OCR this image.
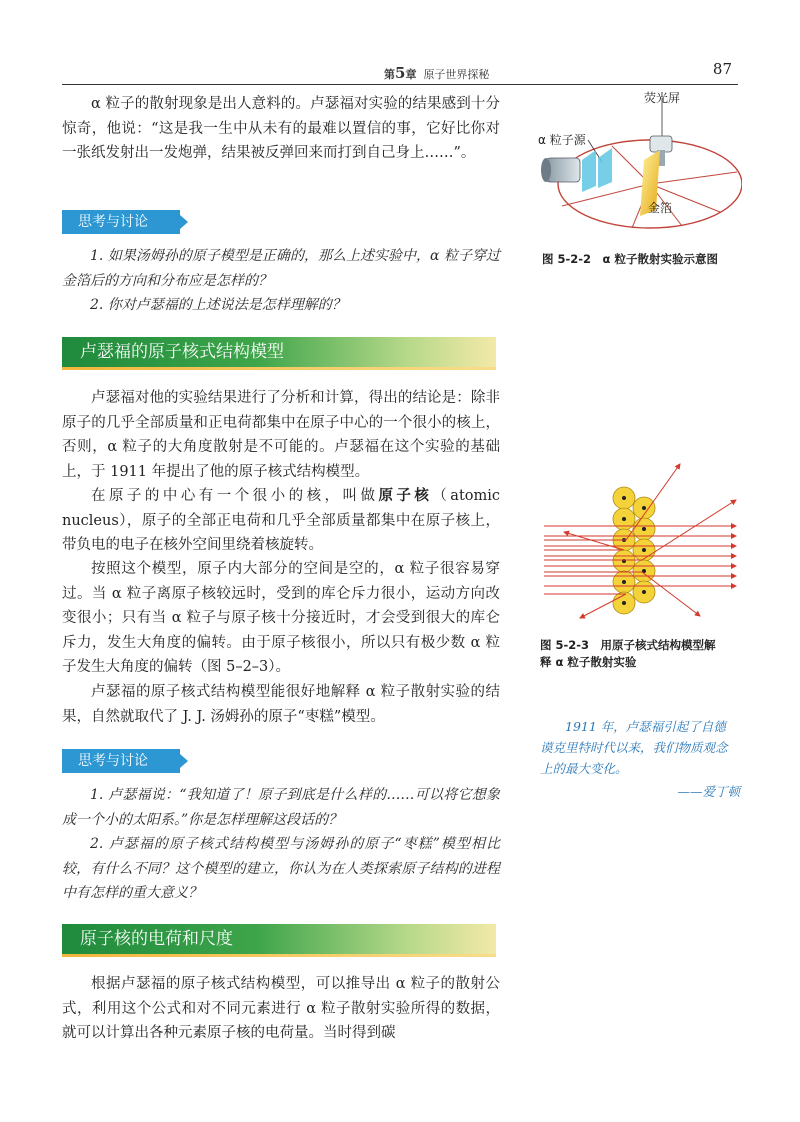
第5章 原子世界探秘	87

α 粒子的散射现象是出人意料的。卢瑟福对实验的结果感到十分惊奇，他说：“这是我一生中从未有的最难以置信的事，它好比你对一张纸发射出一发炮弹，结果被反弹回来而打到自己身上……”。

思考与讨论

1. 如果汤姆孙的原子模型是正确的，那么上述实验中，α 粒子穿过金箔后的方向和分布应是怎样的？

2. 你对卢瑟福的上述说法是怎样理解的？

卢瑟福的原子核式结构模型

卢瑟福对他的实验结果进行了分析和计算，得出的结论是：除非原子的几乎全部质量和正电荷都集中在原子中心的一个很小的核上，否则，α 粒子的大角度散射是不可能的。卢瑟福在这个实验的基础上，于 1911 年提出了他的原子核式结构模型。

在原子的中心有一个很小的核，叫做原子核（atomic nucleus），原子的全部正电荷和几乎全部质量都集中在原子核上，带负电的电子在核外空间里绕着核旋转。

按照这个模型，原子内大部分的空间是空的，α 粒子很容易穿过。当 α 粒子离原子核较远时，受到的库仑斥力很小，运动方向改变很小；只有当 α 粒子与原子核十分接近时，才会受到很大的库仑斥力，发生大角度的偏转。由于原子核很小，所以只有极少数 α 粒子发生大角度的偏转（图 5–2–3）。

卢瑟福的原子核式结构模型能很好地解释 α 粒子散射实验的结果，自然就取代了 J. J. 汤姆孙的原子“枣糕”模型。

思考与讨论

1. 卢瑟福说：“我知道了！原子到底是什么样的……可以将它想象成一个小的太阳系。”你是怎样理解这段话的？

2. 卢瑟福的原子核式结构模型与汤姆孙的原子“枣糕”模型相比较，有什么不同？这个模型的建立，你认为在人类探索原子结构的进程中有怎样的重大意义？

原子核的电荷和尺度

根据卢瑟福的原子核式结构模型，可以推导出 α 粒子的散射公式，利用这个公式和对不同元素进行 α 粒子散射实验所得的数据，就可以计算出各种元素原子核的电荷量。当时得到碳

荧光屏
α 粒子源
金箔
图 5-2-2　α 粒子散射实验示意图
图 5-2-3　用原子核式结构模型解
释 α 粒子散射实验

1911 年，卢瑟福引起了自德谟克里特时代以来，我们物质观念上的最大变化。

——爱丁顿
